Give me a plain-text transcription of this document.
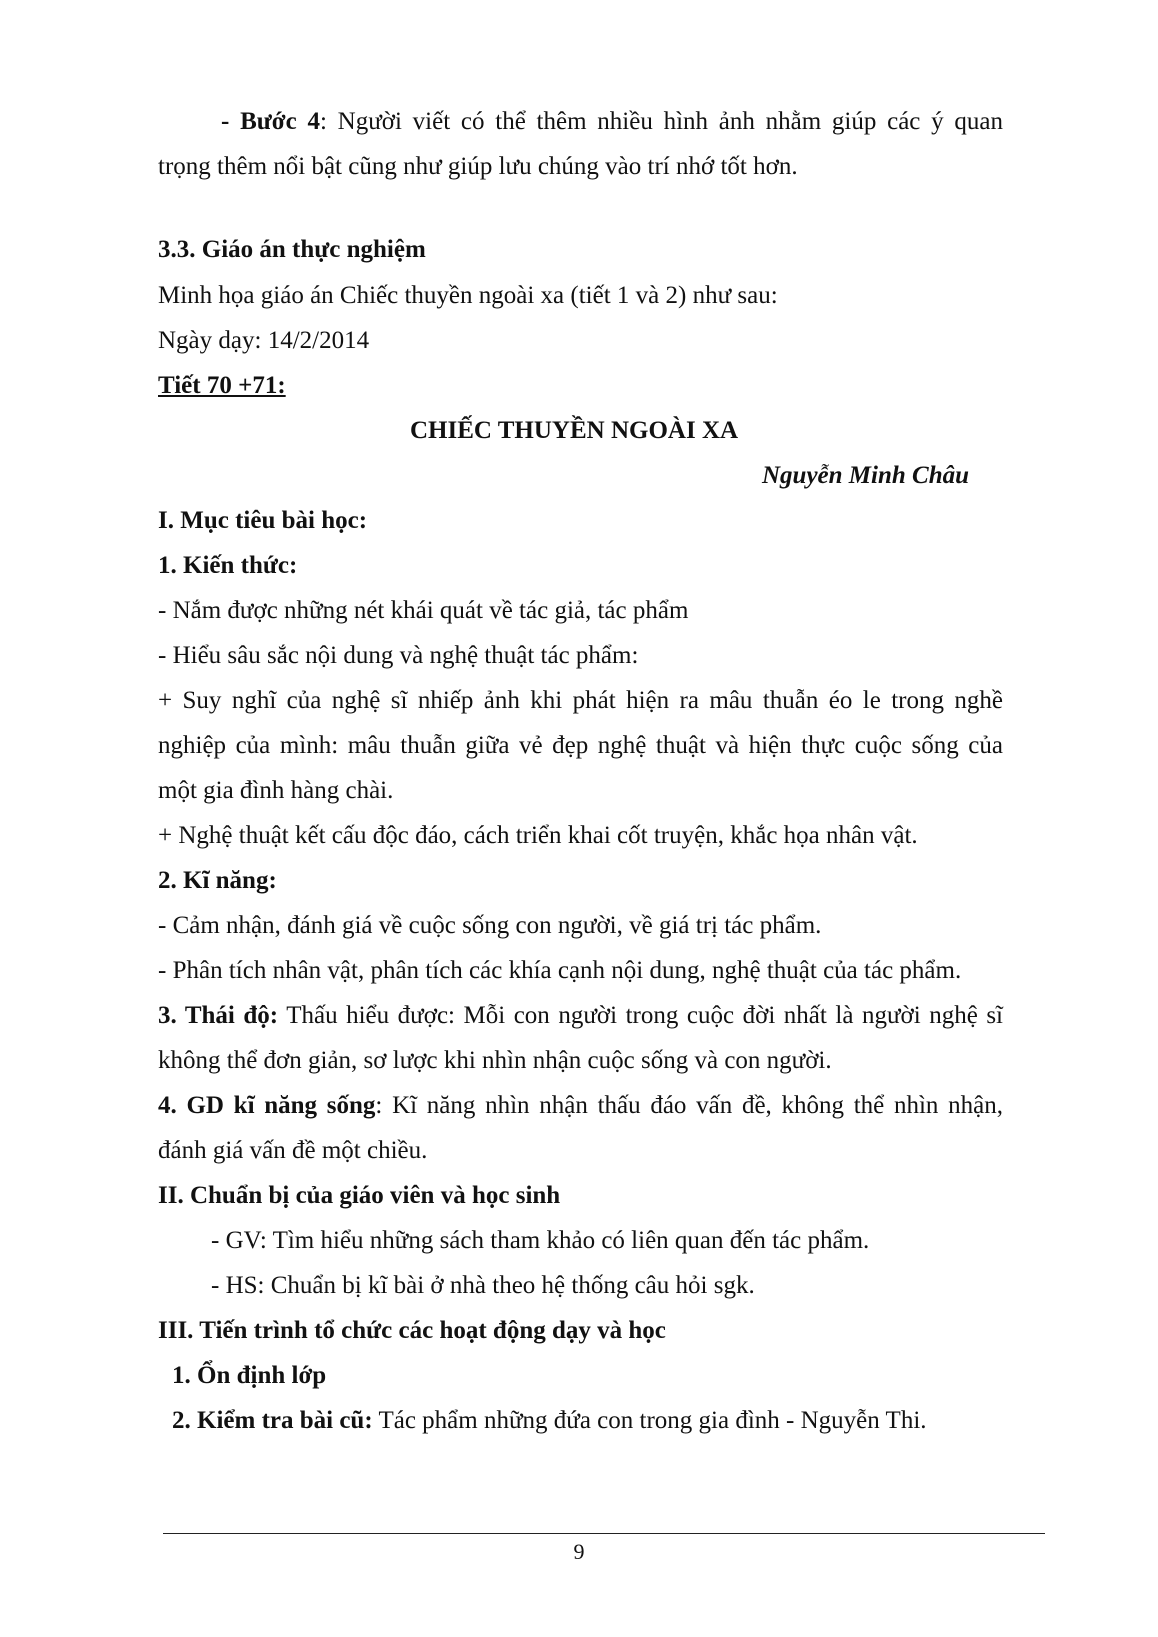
- Bước 4: Người viết có thể thêm nhiều hình ảnh nhằm giúp các ý quan
trọng thêm nổi bật cũng như giúp lưu chúng vào trí nhớ tốt hơn.
3.3. Giáo án thực nghiệm
Minh họa giáo án Chiếc thuyền ngoài xa (tiết 1 và 2) như sau:
Ngày dạy: 14/2/2014
Tiết 70 +71:
CHIẾC THUYỀN NGOÀI XA
Nguyễn Minh Châu
I. Mục tiêu bài học:
1. Kiến thức:
- Nắm được những nét khái quát về tác giả, tác phẩm
- Hiểu sâu sắc nội dung và nghệ thuật tác phẩm:
+ Suy nghĩ của nghệ sĩ nhiếp ảnh khi phát hiện ra mâu thuẫn éo le trong nghề
nghiệp của mình: mâu thuẫn giữa vẻ đẹp nghệ thuật và hiện thực cuộc sống của
một gia đình hàng chài.
+ Nghệ thuật kết cấu độc đáo, cách triển khai cốt truyện, khắc họa nhân vật.
2. Kĩ năng:
- Cảm nhận, đánh giá về cuộc sống con người, về giá trị tác phẩm.
- Phân tích nhân vật, phân tích các khía cạnh nội dung, nghệ thuật của tác phẩm.
3. Thái độ: Thấu hiểu được: Mỗi con người trong cuộc đời nhất là người nghệ sĩ
không thể đơn giản, sơ lược khi nhìn nhận cuộc sống và con người.
4. GD kĩ năng sống: Kĩ năng nhìn nhận thấu đáo vấn đề, không thể nhìn nhận,
đánh giá vấn đề một chiều.
II. Chuẩn bị của giáo viên và học sinh
- GV: Tìm hiểu những sách tham khảo có liên quan đến tác phẩm.
- HS: Chuẩn bị kĩ bài ở nhà theo hệ thống câu hỏi sgk.
III. Tiến trình tổ chức các hoạt động dạy và học
1. Ổn định lớp
2. Kiểm tra bài cũ: Tác phẩm những đứa con trong gia đình - Nguyễn Thi.
9
